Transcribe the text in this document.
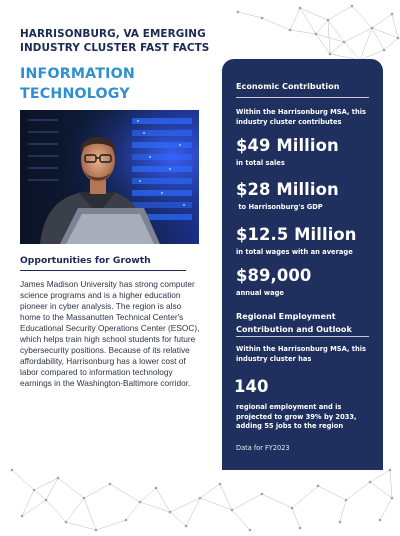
HARRISONBURG, VA EMERGING INDUSTRY CLUSTER FAST FACTS
INFORMATION TECHNOLOGY
Opportunities for Growth
James Madison University has strong computer science programs and is a higher education pioneer in cyber analysis. The region is also home to the Massanutten Technical Center's Educational Security Operations Center (ESOC), which helps train high school students for future cybersecurity positions. Because of its relative affordability, Harrisonburg has a lower cost of labor compared to information technology earnings in the Washington-Baltimore corridor.
Economic Contribution
Within the Harrisonburg MSA, this industry cluster contributes
$49 Million
in total sales
$28 Million
to Harrisonburg's GDP
$12.5 Million
in total wages with an average
$89,000
annual wage
Regional Employment Contribution and Outlook
Within the Harrisonburg MSA, this industry cluster has
140
regional employment and is projected to grow 39% by 2033, adding 55 jobs to the region
Data for FY2023
